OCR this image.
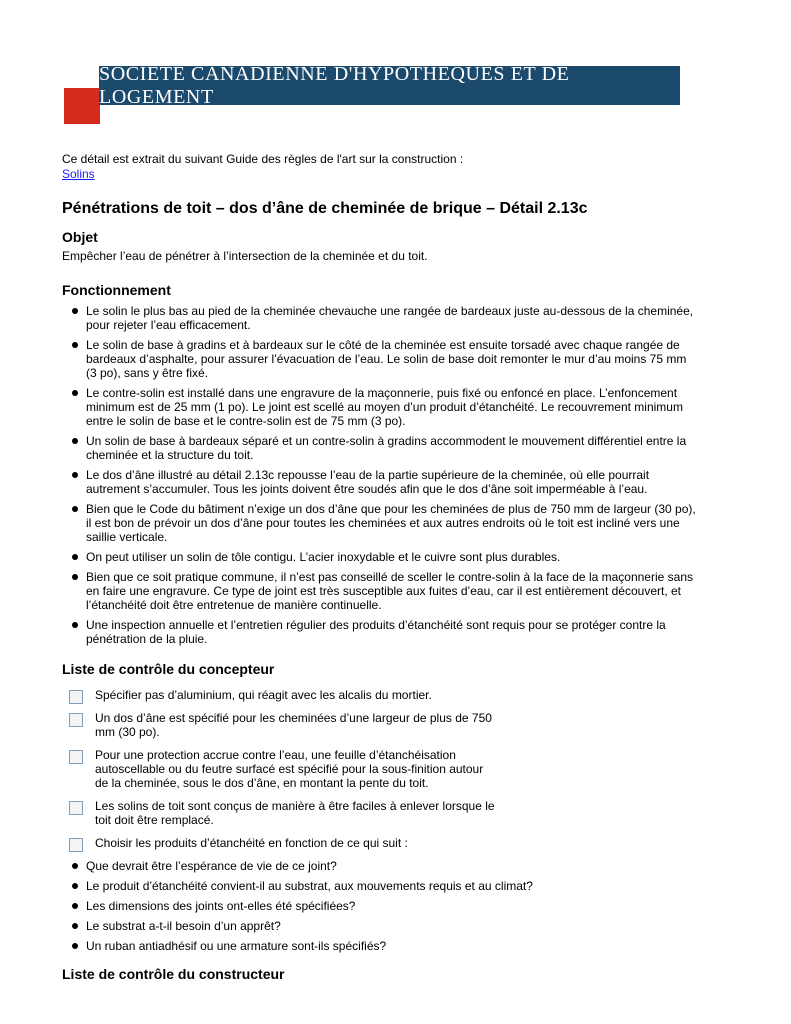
SOCIÉTÉ CANADIENNE D'HYPOTHÈQUES ET DE LOGEMENT

Ce détail est extrait du suivant Guide des règles de l'art sur la construction :
Solins

Pénétrations de toit – dos d’âne de cheminée de brique – Détail 2.13c
Objet

Empêcher l’eau de pénétrer à l’intersection de la cheminée et du toit.

Fonctionnement
Le solin le plus bas au pied de la cheminée chevauche une rangée de bardeaux juste au-dessous de la cheminée, pour rejeter l’eau efficacement.
Le solin de base à gradins et à bardeaux sur le côté de la cheminée est ensuite torsadé avec chaque rangée de bardeaux d’asphalte, pour assurer l’évacuation de l’eau. Le solin de base doit remonter le mur d’au moins 75 mm (3 po), sans y être fixé.
Le contre-solin est installé dans une engravure de la maçonnerie, puis fixé ou enfoncé en place. L’enfoncement minimum est de 25 mm (1 po). Le joint est scellé au moyen d’un produit d’étanchéité. Le recouvrement minimum entre le solin de base et le contre-solin est de 75 mm (3 po).
Un solin de base à bardeaux séparé et un contre-solin à gradins accommodent le mouvement différentiel entre la cheminée et la structure du toit.
Le dos d’âne illustré au détail 2.13c repousse l’eau de la partie supérieure de la cheminée, où elle pourrait autrement s’accumuler. Tous les joints doivent être soudés afin que le dos d’âne soit imperméable à l’eau.
Bien que le Code du bâtiment n’exige un dos d’âne que pour les cheminées de plus de 750 mm de largeur (30 po), il est bon de prévoir un dos d’âne pour toutes les cheminées et aux autres endroits où le toit est incliné vers une saillie verticale.
On peut utiliser un solin de tôle contigu. L’acier inoxydable et le cuivre sont plus durables.
Bien que ce soit pratique commune, il n’est pas conseillé de sceller le contre-solin à la face de la maçonnerie sans en faire une engravure. Ce type de joint est très susceptible aux fuites d’eau, car il est entièrement découvert, et l’étanchéité doit être entretenue de manière continuelle.
Une inspection annuelle et l’entretien régulier des produits d’étanchéité sont requis pour se protéger contre la pénétration de la pluie.
Liste de contrôle du concepteur
Spécifier pas d’aluminium, qui réagit avec les alcalis du mortier.
Un dos d’âne est spécifié pour les cheminées d’une largeur de plus de 750 mm (30 po).
Pour une protection accrue contre l’eau, une feuille d’étanchéisation autoscellable ou du feutre surfacé est spécifié pour la sous-finition autour de la cheminée, sous le dos d’âne, en montant la pente du toit.
Les solins de toit sont conçus de manière à être faciles à enlever lorsque le toit doit être remplacé.
Choisir les produits d’étanchéité en fonction de ce qui suit :
Que devrait être l’espérance de vie de ce joint?
Le produit d’étanchéité convient-il au substrat, aux mouvements requis et au climat?
Les dimensions des joints ont-elles été spécifiées?
Le substrat a-t-il besoin d’un apprêt?
Un ruban antiadhésif ou une armature sont-ils spécifiés?
Liste de contrôle du constructeur
